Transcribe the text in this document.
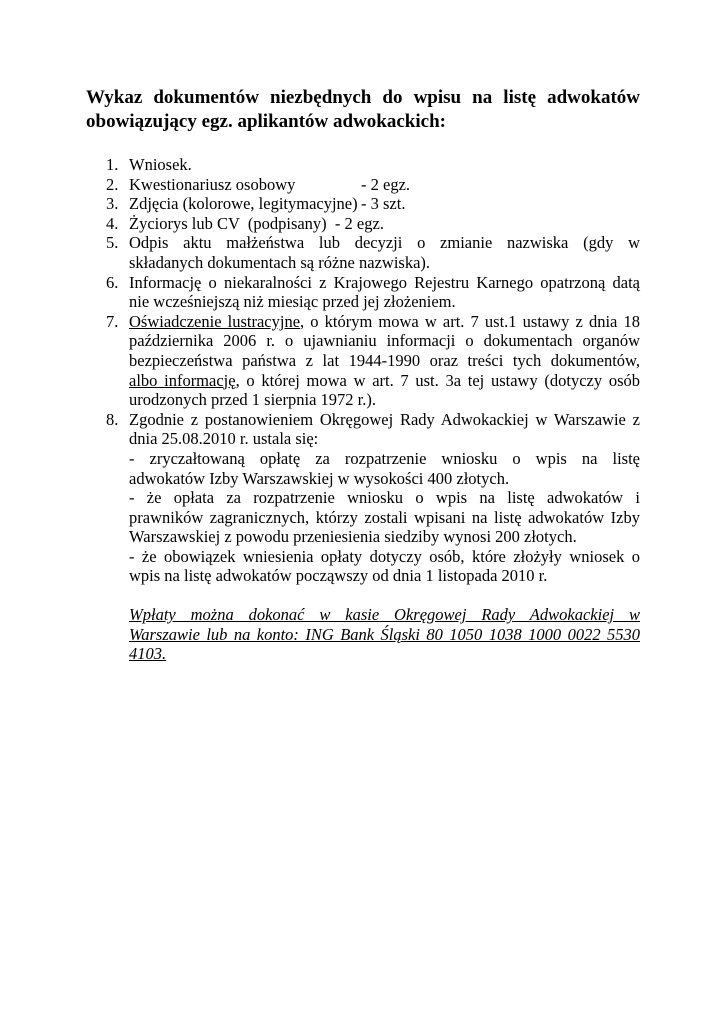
Wykaz dokumentów niezbędnych do wpisu na listę adwokatów
obowiązujący egz. aplikantów adwokackich:
1. Wniosek.
2. Kwestionariusz osobowy	- 2 egz.
3. Zdjęcia (kolorowe, legitymacyjne) - 3 szt.
4. Życiorys lub CV  (podpisany)  - 2 egz.
5. Odpis aktu małżeństwa lub decyzji o zmianie nazwiska (gdy w
składanych dokumentach są różne nazwiska).
6. Informację o niekaralności z Krajowego Rejestru Karnego opatrzoną datą
nie wcześniejszą niż miesiąc przed jej złożeniem.
7. Oświadczenie lustracyjne, o którym mowa w art. 7 ust.1 ustawy z dnia 18
października 2006 r. o ujawnianiu informacji o dokumentach organów
bezpieczeństwa państwa z lat 1944-1990 oraz treści tych dokumentów,
albo informację, o której mowa w art. 7 ust. 3a tej ustawy (dotyczy osób
urodzonych przed 1 sierpnia 1972 r.).
8. Zgodnie z postanowieniem Okręgowej Rady Adwokackiej w Warszawie z
dnia 25.08.2010 r. ustala się:
- zryczałtowaną opłatę za rozpatrzenie wniosku o wpis na listę
adwokatów Izby Warszawskiej w wysokości 400 złotych.
- że opłata za rozpatrzenie wniosku o wpis na listę adwokatów i
prawników zagranicznych, którzy zostali wpisani na listę adwokatów Izby
Warszawskiej z powodu przeniesienia siedziby wynosi 200 złotych.
- że obowiązek wniesienia opłaty dotyczy osób, które złożyły wniosek o
wpis na listę adwokatów począwszy od dnia 1 listopada 2010 r.
Wpłaty można dokonać w kasie Okręgowej Rady Adwokackiej w
Warszawie lub na konto: ING Bank Śląski 80 1050 1038 1000 0022 5530
4103.
